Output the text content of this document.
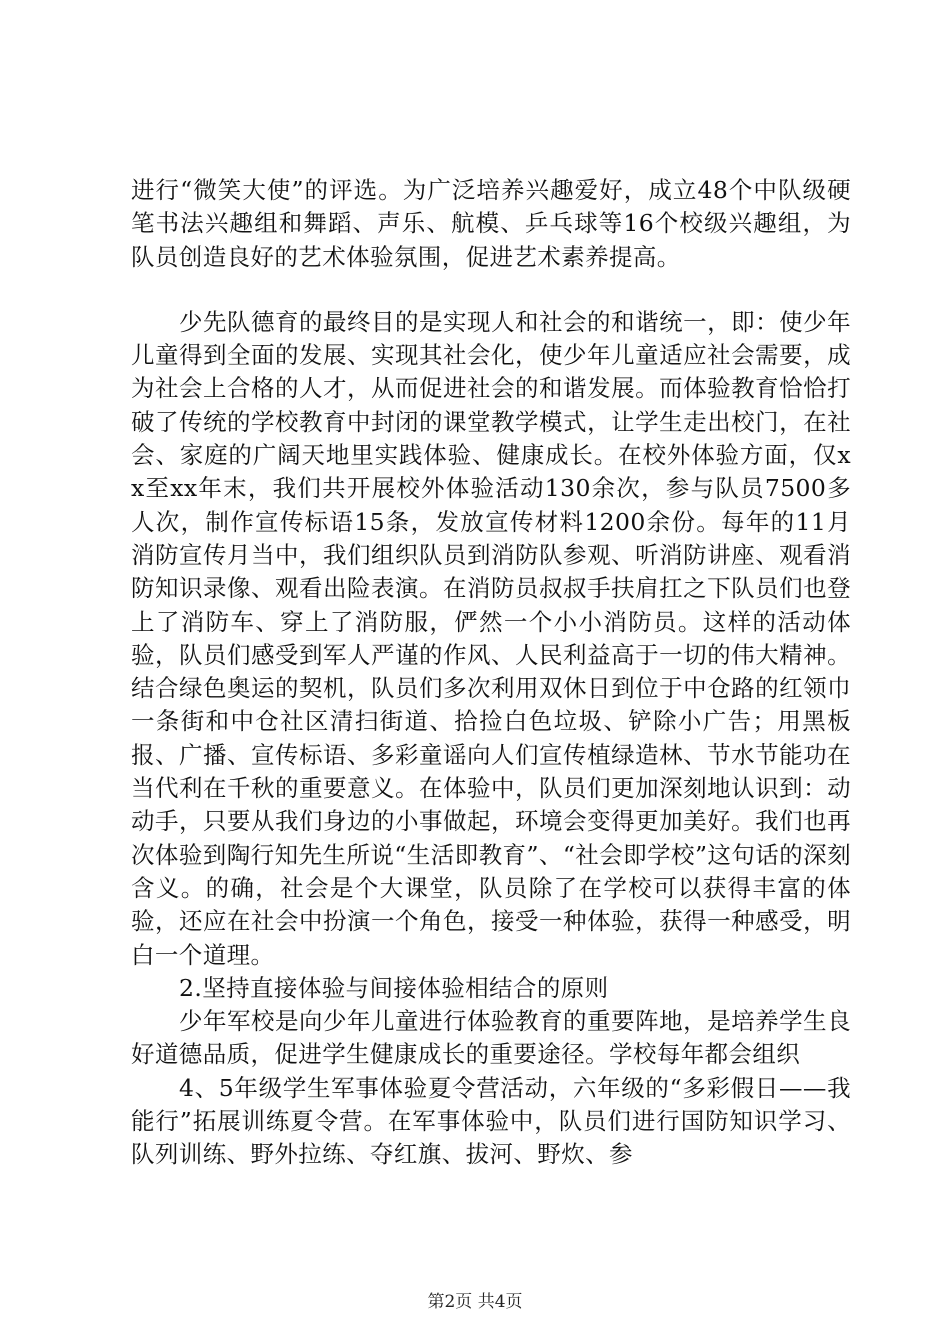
进行“微笑大使”的评选。为广泛培养兴趣爱好，成立48个中队级硬笔书法兴趣组和舞蹈、声乐、航模、乒乓球等16个校级兴趣组，为队员创造良好的艺术体验氛围，促进艺术素养提高。

少先队德育的最终目的是实现人和社会的和谐统一，即：使少年儿童得到全面的发展、实现其社会化，使少年儿童适应社会需要，成为社会上合格的人才，从而促进社会的和谐发展。而体验教育恰恰打破了传统的学校教育中封闭的课堂教学模式，让学生走出校门，在社会、家庭的广阔天地里实践体验、健康成长。在校外体验方面，仅xx至xx年末，我们共开展校外体验活动130余次，参与队员7500多人次，制作宣传标语15条，发放宣传材料1200余份。每年的11月消防宣传月当中，我们组织队员到消防队参观、听消防讲座、观看消防知识录像、观看出险表演。在消防员叔叔手扶肩扛之下队员们也登上了消防车、穿上了消防服，俨然一个小小消防员。这样的活动体验，队员们感受到军人严谨的作风、人民利益高于一切的伟大精神。结合绿色奥运的契机，队员们多次利用双休日到位于中仓路的红领巾一条街和中仓社区清扫街道、拾捡白色垃圾、铲除小广告；用黑板报、广播、宣传标语、多彩童谣向人们宣传植绿造林、节水节能功在当代利在千秋的重要意义。在体验中，队员们更加深刻地认识到：动动手，只要从我们身边的小事做起，环境会变得更加美好。我们也再次体验到陶行知先生所说“生活即教育”、“社会即学校”这句话的深刻含义。的确，社会是个大课堂，队员除了在学校可以获得丰富的体验，还应在社会中扮演一个角色，接受一种体验，获得一种感受，明白一个道理。

2.坚持直接体验与间接体验相结合的原则

少年军校是向少年儿童进行体验教育的重要阵地，是培养学生良好道德品质，促进学生健康成长的重要途径。学校每年都会组织

4、5年级学生军事体验夏令营活动，六年级的“多彩假日——我能行”拓展训练夏令营。在军事体验中，队员们进行国防知识学习、队列训练、野外拉练、夺红旗、拔河、野炊、参

第2页 共4页
